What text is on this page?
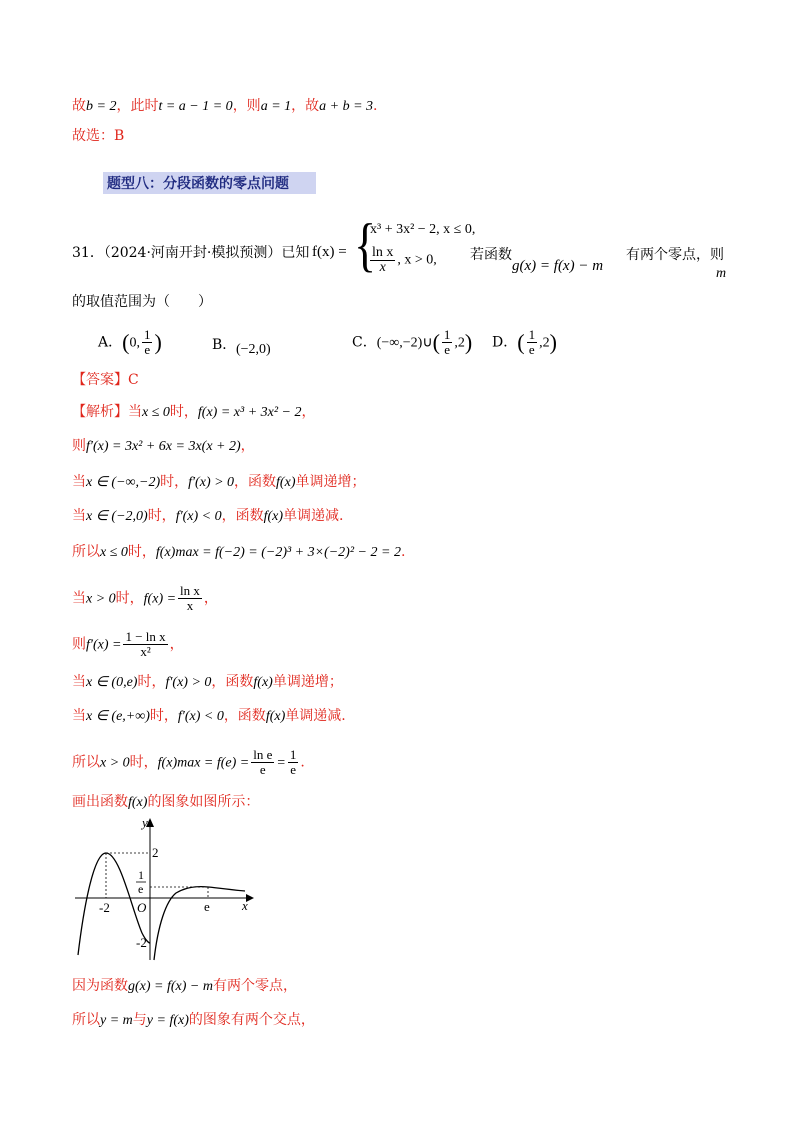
故b = 2，此时t = a − 1 = 0，则a = 1，故a + b = 3.
故选：B
题型八：分段函数的零点问题
31．（2024·河南开封·模拟预测）已知 f(x) = {
x³ + 3x² − 2, x ≤ 0,
$\frac{\text{ln x}}{x}$ , x > 0, 若函数
g(x) = f(x) − m
有两个零点，则
m
的取值范围为（　　）
A．(0, $\frac{1}{e}$ )	B． (−2,0)	C．(−∞,−2)∪( $\frac{1}{e} ,2$) D．( $\frac{1}{e} ,2$)
【答案】C
【解析】当x ≤ 0时，f(x) = x³ + 3x² − 2，
则f′(x) = 3x² + 6x = 3x(x + 2)，
当x ∈ (−∞,−2)时，f′(x) > 0，函数f(x)单调递增；
当x ∈ (−2,0)时，f′(x) < 0，函数f(x)单调递减.
所以x ≤ 0时，f(x)max = f(−2) = (−2)³ + 3×(−2)² − 2 = 2.
当x > 0时，$f(x) = \frac{\text{ln x}}{x}$ ，
则$f'(x) = \frac{\text{1 − ln x}}{\text{x²}}$ ，
当x ∈ (0,e)时，f′(x) > 0，函数f(x)单调递增；
当x ∈ (e,+∞)时，f′(x) < 0，函数f(x)单调递减.
所以x > 0时，$f(x)\max = f(e) = \frac{\text{ln e}}{e} = \frac{1}{e}$ .
画出函数f(x)的图象如图所示：
y
x
O
2
1
e
-2
-2
e
因为函数g(x) = f(x) − m有两个零点，
所以y = m与y = f(x)的图象有两个交点，
